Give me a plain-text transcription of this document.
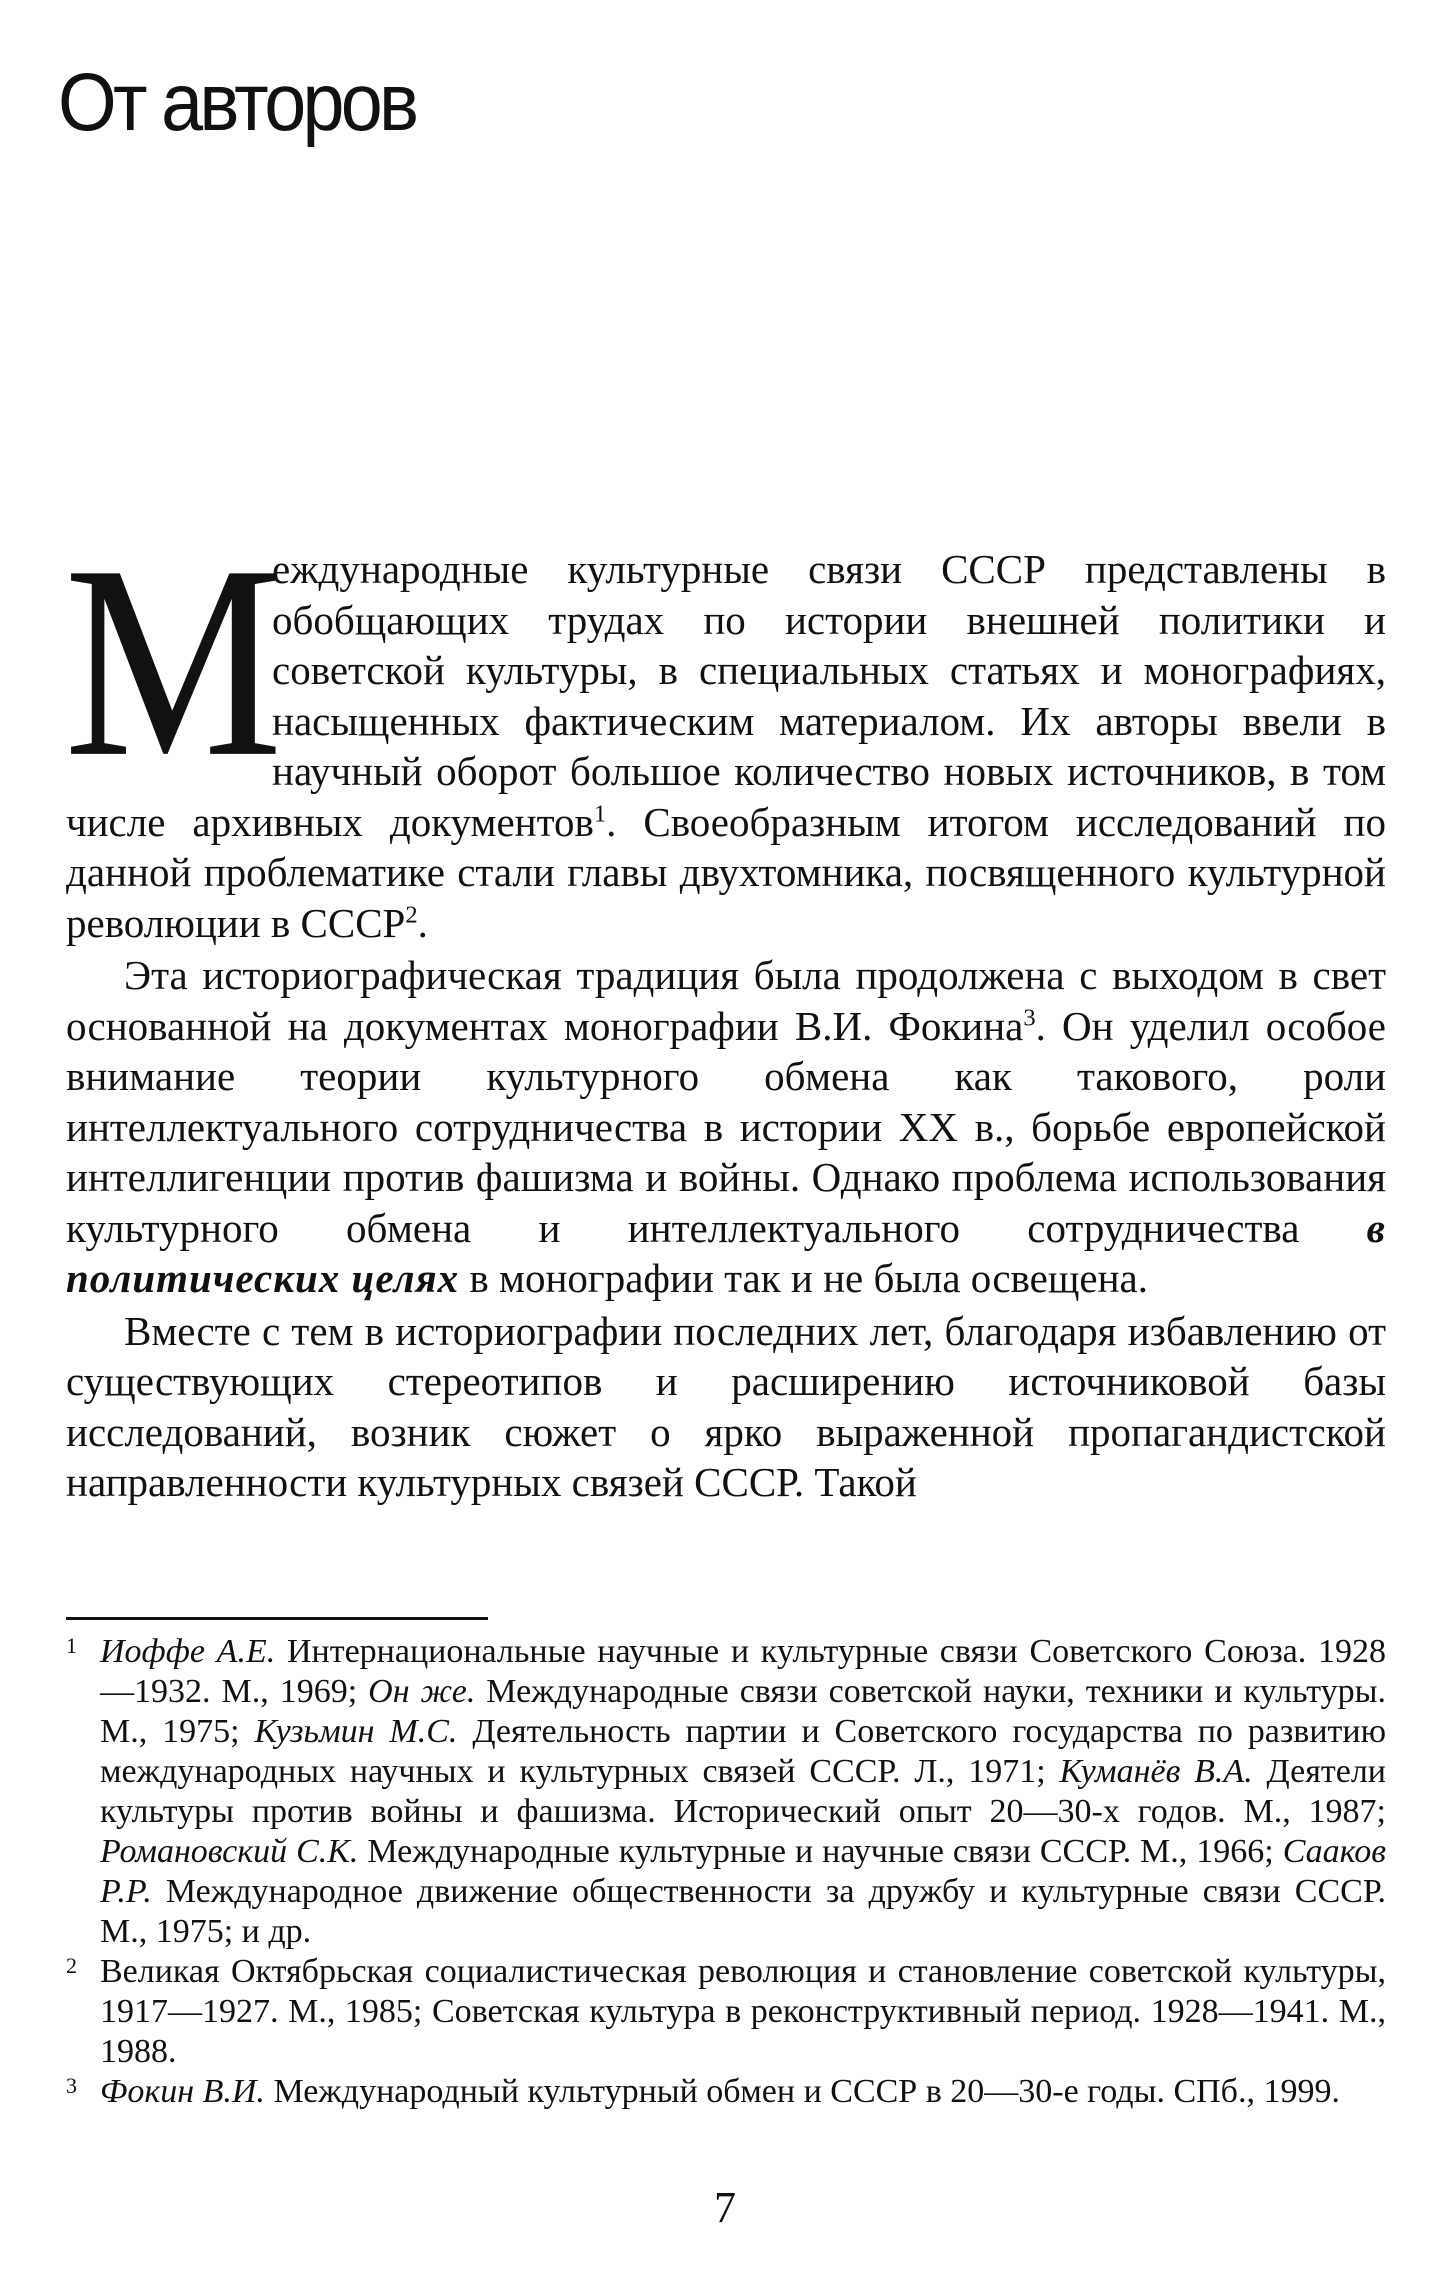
От авторов

М
еждународные культурные связи СССР представлены в обобщающих трудах по истории внешней политики и советской культуры, в специальных статьях и монографиях, насыщенных фактическим материалом. Их авторы ввели в научный оборот большое количество новых источников, в том числе архивных документов$^1$. Своеобразным итогом исследований по данной проблематике стали главы двухтомника, посвященного культурной революции в СССР$^2$.

Эта историографическая традиция была продолжена с выходом в свет основанной на документах монографии В.И. Фокина$^3$. Он уделил особое внимание теории культурного обмена как такового, роли интеллектуального сотрудничества в истории XX в., борьбе европейской интеллигенции против фашизма и войны. Однако проблема использования культурного обмена и интеллектуального сотрудничества в политических целях в монографии так и не была освещена.

Вместе с тем в историографии последних лет, благодаря избавлению от существующих стереотипов и расширению источниковой базы исследований, возник сюжет о ярко выраженной пропагандистской направленности культурных связей СССР. Такой

1 Иоффе А.Е. Интернациональные научные и культурные связи Советского Союза. 1928—1932. М., 1969; Он же. Международные связи советской науки, техники и культуры. М., 1975; Кузьмин М.С. Деятельность партии и Советского государства по развитию международных научных и культурных связей СССР. Л., 1971; Куманёв В.А. Деятели культуры против войны и фашизма. Исторический опыт 20—30-х годов. М., 1987; Романовский С.К. Международные культурные и научные связи СССР. М., 1966; Сааков Р.Р. Международное движение общественности за дружбу и культурные связи СССР. М., 1975; и др.

2 Великая Октябрьская социалистическая революция и становление советской культуры, 1917—1927. М., 1985; Советская культура в реконструктивный период. 1928—1941. М., 1988.

3 Фокин В.И. Международный культурный обмен и СССР в 20—30-е годы. СПб., 1999.

7
